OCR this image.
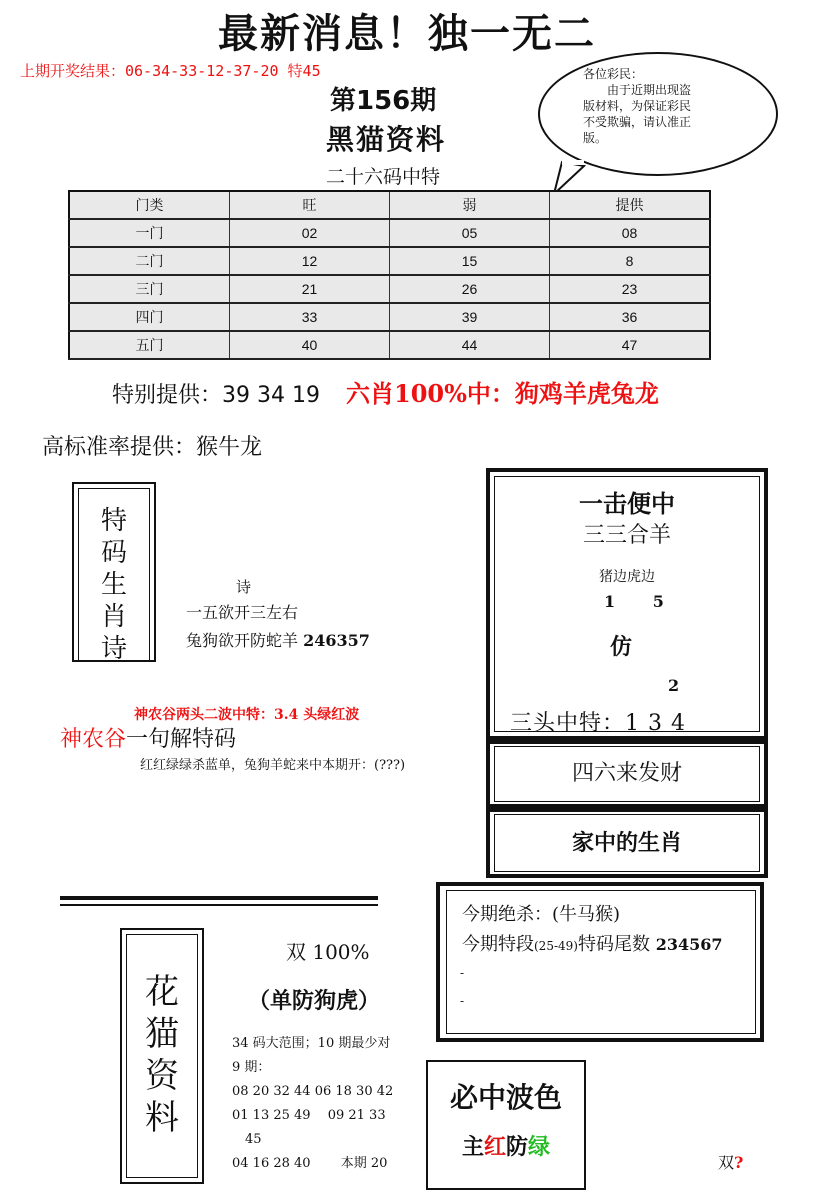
最新消息！独一无二
上期开奖结果：06-34-33-12-37-20 特45
第156期
黑猫资料
二十六码中特
各位彩民：
　　由于近期出现盗
版材料，为保证彩民
不受欺骗，请认准正
版。
门类	旺	弱	提供
一门	02	05	08
二门	12	15	8
三门	21	26	23
四门	33	39	36
五门	40	44	47
特别提供：39 34 19 六肖100%中：狗鸡羊虎兔龙
高标准率提供：猴牛龙
特
码
生
肖
诗
诗
一五欲开三左右
兔狗欲开防蛇羊 246357
神农谷两头二波中特：3.4 头绿红波
神农谷一句解特码
红红绿绿杀蓝单，兔狗羊蛇来中本期开：(???)
一击便中
三三合羊
猪边虎边
1 5
仿
2
三头中特：1 3 4
四六来发财
家中的生肖
花
猫
资
料
双 100%
（单防狗虎）
34 码大范围；10 期最少对
9 期：
08 20 32 44 06 18 30 42
01 13 25 49　 09 21 33
　45
04 16 28 40　　 本期 20
今期绝杀：(牛马猴)
今期特段(25-49)特码尾数 234567
-
-
必中波色
主红防绿
双?
